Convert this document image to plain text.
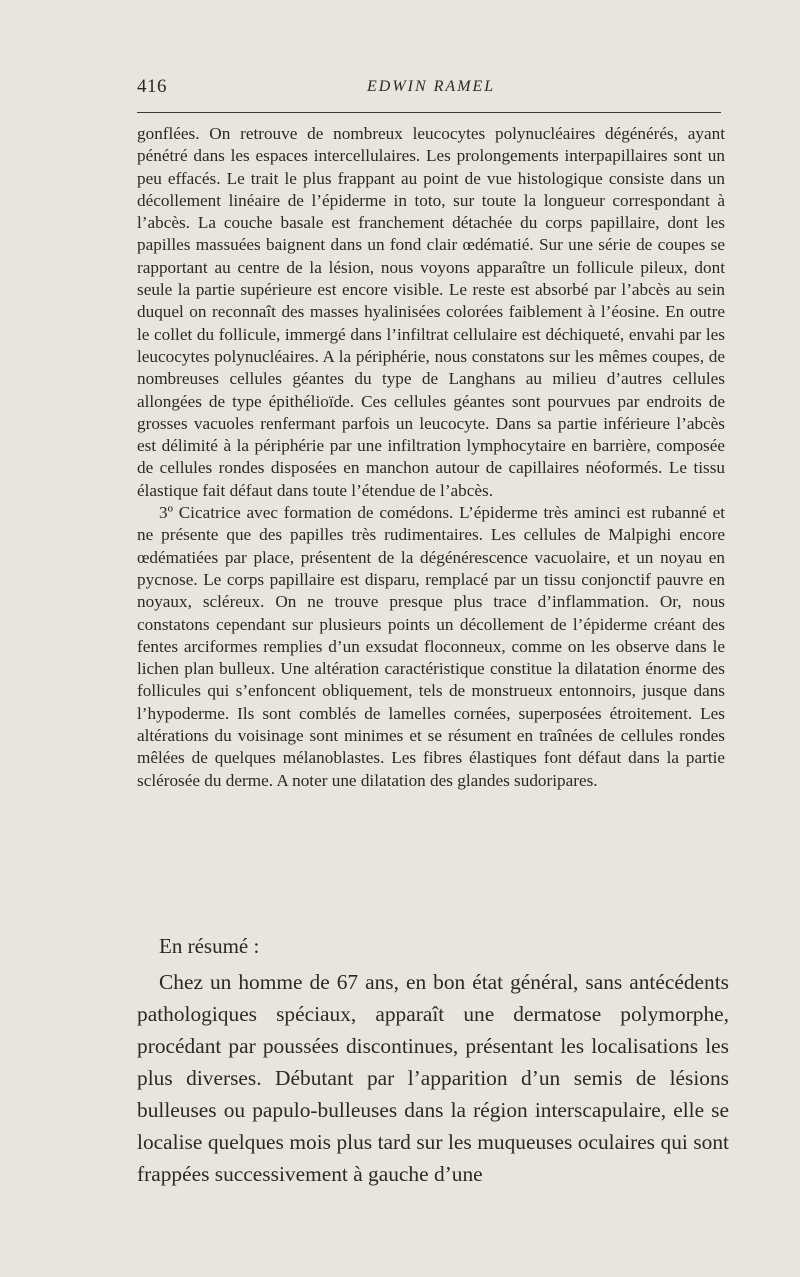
416	EDWIN RAMEL

gonflées. On retrouve de nombreux leucocytes polynucléaires dégénérés, ayant pénétré dans les espaces intercellulaires. Les prolongements interpapillaires sont un peu effacés. Le trait le plus frappant au point de vue histologique consiste dans un décollement linéaire de l’épiderme in toto, sur toute la longueur correspondant à l’abcès. La couche basale est franchement détachée du corps papillaire, dont les papilles massuées baignent dans un fond clair œdématié. Sur une série de coupes se rapportant au centre de la lésion, nous voyons apparaître un follicule pileux, dont seule la partie supérieure est encore visible. Le reste est absorbé par l’abcès au sein duquel on reconnaît des masses hyalinisées colorées faiblement à l’éosine. En outre le collet du follicule, immergé dans l’infiltrat cellulaire est déchiqueté, envahi par les leucocytes polynucléaires. A la périphérie, nous constatons sur les mêmes coupes, de nombreuses cellules géantes du type de Langhans au milieu d’autres cellules allongées de type épithélioïde. Ces cellules géantes sont pourvues par endroits de grosses vacuoles renfermant parfois un leucocyte. Dans sa partie inférieure l’abcès est délimité à la périphérie par une infiltration lymphocytaire en barrière, composée de cellules rondes disposées en manchon autour de capillaires néoformés. Le tissu élastique fait défaut dans toute l’étendue de l’abcès.

3º Cicatrice avec formation de comédons. L’épiderme très aminci est rubanné et ne présente que des papilles très rudimentaires. Les cellules de Malpighi encore œdématiées par place, présentent de la dégénérescence vacuolaire, et un noyau en pycnose. Le corps papillaire est disparu, remplacé par un tissu conjonctif pauvre en noyaux, scléreux. On ne trouve presque plus trace d’inflammation. Or, nous constatons cependant sur plusieurs points un décollement de l’épiderme créant des fentes arciformes remplies d’un exsudat floconneux, comme on les observe dans le lichen plan bulleux. Une altération caractéristique constitue la dilatation énorme des follicules qui s’enfoncent obliquement, tels de monstrueux entonnoirs, jusque dans l’hypoderme. Ils sont comblés de lamelles cornées, superposées étroitement. Les altérations du voisinage sont minimes et se résument en traînées de cellules rondes mêlées de quelques mélanoblastes. Les fibres élastiques font défaut dans la partie sclérosée du derme. A noter une dilatation des glandes sudoripares.

En résumé :

Chez un homme de 67 ans, en bon état général, sans antécédents pathologiques spéciaux, apparaît une dermatose polymorphe, procédant par poussées discontinues, présentant les localisations les plus diverses. Débutant par l’apparition d’un semis de lésions bulleuses ou papulo-bulleuses dans la région interscapulaire, elle se localise quelques mois plus tard sur les muqueuses oculaires qui sont frappées successivement à gauche d’une
